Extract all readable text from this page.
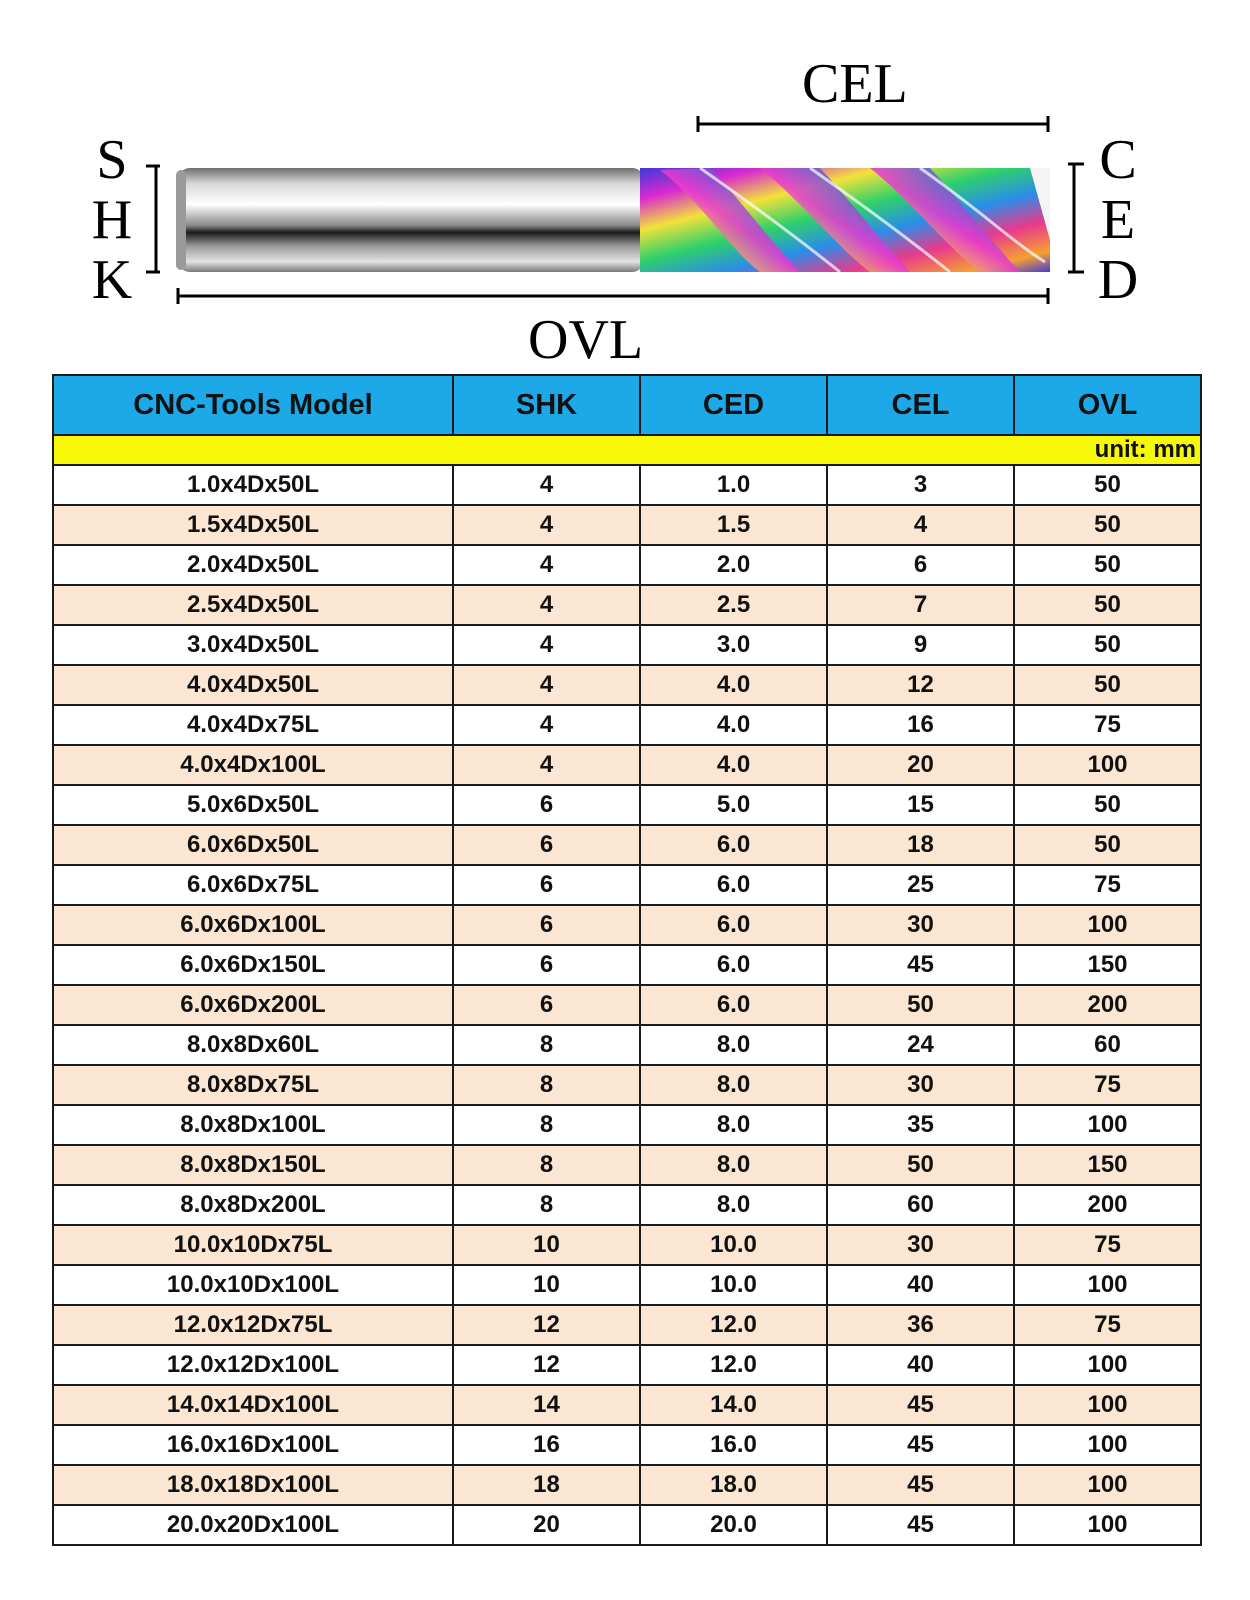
CEL
OVL
S
H
K
C
E
D
CNC-Tools Model	SHK	CED	CEL	OVL
unit: mm				
1.0x4Dx50L	4	1.0	3	50
1.5x4Dx50L	4	1.5	4	50
2.0x4Dx50L	4	2.0	6	50
2.5x4Dx50L	4	2.5	7	50
3.0x4Dx50L	4	3.0	9	50
4.0x4Dx50L	4	4.0	12	50
4.0x4Dx75L	4	4.0	16	75
4.0x4Dx100L	4	4.0	20	100
5.0x6Dx50L	6	5.0	15	50
6.0x6Dx50L	6	6.0	18	50
6.0x6Dx75L	6	6.0	25	75
6.0x6Dx100L	6	6.0	30	100
6.0x6Dx150L	6	6.0	45	150
6.0x6Dx200L	6	6.0	50	200
8.0x8Dx60L	8	8.0	24	60
8.0x8Dx75L	8	8.0	30	75
8.0x8Dx100L	8	8.0	35	100
8.0x8Dx150L	8	8.0	50	150
8.0x8Dx200L	8	8.0	60	200
10.0x10Dx75L	10	10.0	30	75
10.0x10Dx100L	10	10.0	40	100
12.0x12Dx75L	12	12.0	36	75
12.0x12Dx100L	12	12.0	40	100
14.0x14Dx100L	14	14.0	45	100
16.0x16Dx100L	16	16.0	45	100
18.0x18Dx100L	18	18.0	45	100
20.0x20Dx100L	20	20.0	45	100
